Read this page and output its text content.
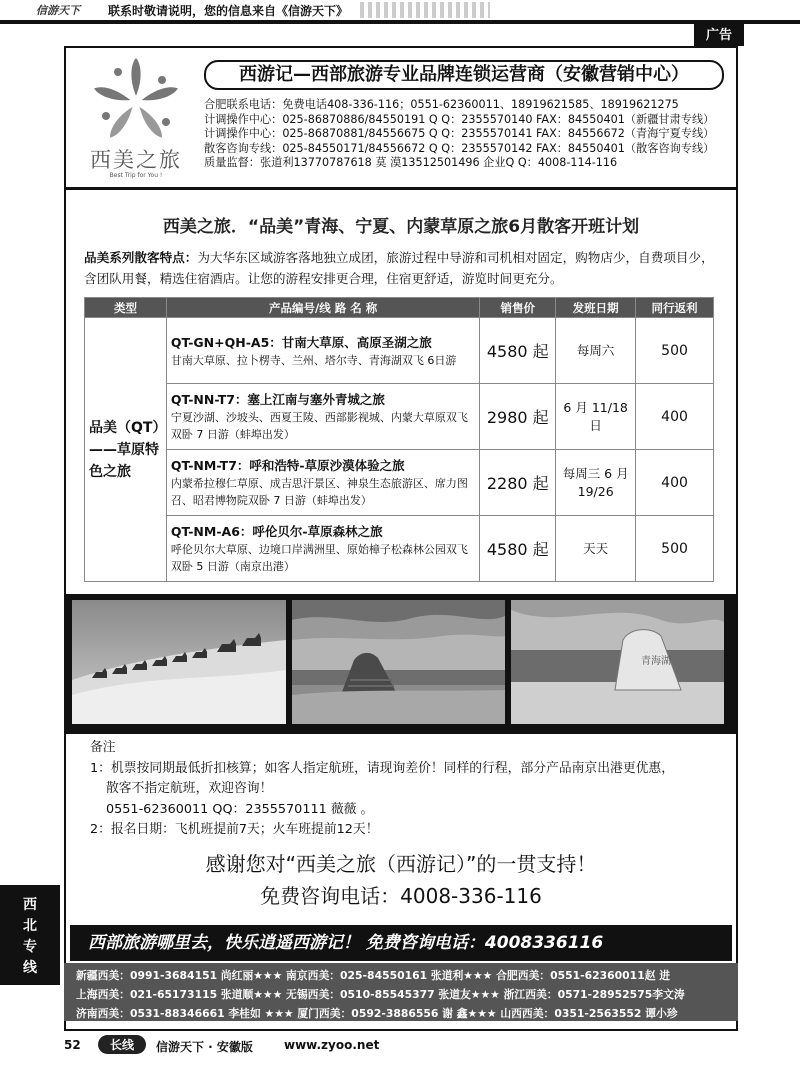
信游天下 联系时敬请说明，您的信息来自《信游天下》
广告
西美之旅
Best Trip for You !
西游记—西部旅游专业品牌连锁运营商（安徽营销中心）
合肥联系电话：免费电话408-336-116；0551-62360011、18919621585、18919621275
计调操作中心：025-86870886/84550191 Q Q：2355570140 FAX：84550401（新疆甘肃专线）
计调操作中心：025-86870881/84556675 Q Q：2355570141 FAX：84556672（青海宁夏专线）
散客咨询专线：025-84550171/84556672 Q Q：2355570142 FAX：84550401（散客咨询专线）
质量监督：张道利13770787618 莫 漠13512501496 企业Q Q：4008-114-116
西美之旅．“品美”青海、宁夏、内蒙草原之旅6月散客开班计划
品美系列散客特点：为大华东区域游客落地独立成团，旅游过程中导游和司机相对固定，购物店少，自费项目少，含团队用餐，精选住宿酒店。让您的游程安排更合理，住宿更舒适，游览时间更充分。
类型	产品编号/线 路 名 称	销售价	发班日期	同行返利
品美（QT）——草原特色之旅	QT-GN+QH-A5：甘南大草原、高原圣湖之旅
甘南大草原、拉卜楞寺、兰州、塔尔寺、青海湖双飞 6日游	4580 起	每周六	500

	QT-NN-T7：塞上江南与塞外青城之旅
宁夏沙湖、沙坡头、西夏王陵、西部影视城、内蒙大草原双飞双卧 7 日游（蚌埠出发）	2980 起	6 月 11/18 日	400

	QT-NM-T7：呼和浩特-草原沙漠体验之旅
内蒙希拉穆仁草原、成吉思汗景区、神泉生态旅游区、席力图召、昭君博物院双卧 7 日游（蚌埠出发）	2280 起	每周三 6 月 19/26	400

	QT-NM-A6：呼伦贝尔-草原森林之旅
呼伦贝尔大草原、边境口岸满洲里、原始樟子松森林公园双飞双卧 5 日游（南京出港）	4580 起	天天	500
青海湖
备注
1：机票按同期最低折扣核算；如客人指定航班，请现询差价！同样的行程，部分产品南京出港更优惠，
散客不指定航班，欢迎咨询！
0551-62360011 QQ：2355570111 薇薇 。
2：报名日期：飞机班提前7天；火车班提前12天！
感谢您对“西美之旅（西游记）”的一贯支持！
免费咨询电话：4008-336-116
西部旅游哪里去，快乐逍遥西游记！ 免费咨询电话：4008336116
新疆西美：0991-3684151 尚红丽★★★ 南京西美：025-84550161 张道利★★★ 合肥西美：0551-62360011赵 进
上海西美：021-65173115 张道顺★★★ 无锡西美：0510-85545377 张道友★★★ 浙江西美：0571-28952575李文涛
济南西美：0531-88346661 李桂如 ★★★ 厦门西美：0592-3886556 谢 鑫★★★ 山西西美：0351-2563552 谭小珍
西
北
专
线
52	长线	信游天下 · 安徽版	www.zyoo.net
